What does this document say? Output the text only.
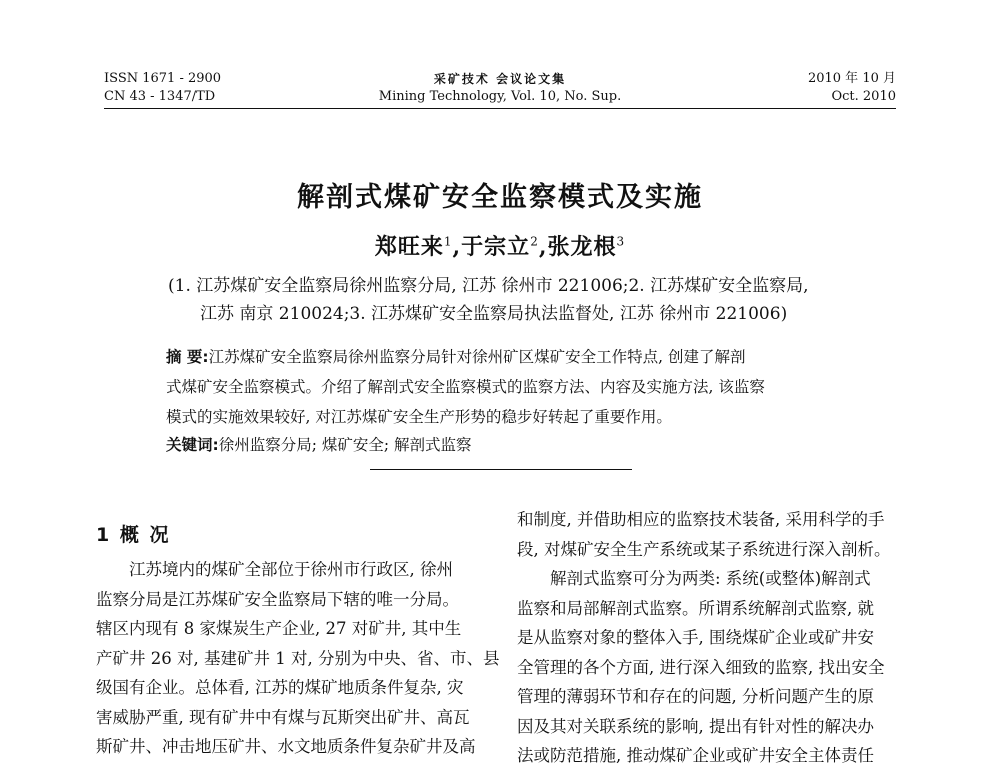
ISSN 1671 - 2900
CN 43 - 1347/TD
采矿技术 会议论文集
Mining Technology, Vol. 10, No. Sup.
2010 年 10 月
Oct. 2010
解剖式煤矿安全监察模式及实施
郑旺来$^1$,于宗立$^2$,张龙根$^3$
(1. 江苏煤矿安全监察局徐州监察分局, 江苏 徐州市 221006;2. 江苏煤矿安全监察局,
江苏 南京 210024;3. 江苏煤矿安全监察局执法监督处, 江苏 徐州市 221006)
摘 要:江苏煤矿安全监察局徐州监察分局针对徐州矿区煤矿安全工作特点, 创建了解剖
式煤矿安全监察模式。介绍了解剖式安全监察模式的监察方法、内容及实施方法, 该监察
模式的实施效果较好, 对江苏煤矿安全生产形势的稳步好转起了重要作用。
关键词:徐州监察分局; 煤矿安全; 解剖式监察
1 概 况
江苏境内的煤矿全部位于徐州市行政区, 徐州
监察分局是江苏煤矿安全监察局下辖的唯一分局。
辖区内现有 8 家煤炭生产企业, 27 对矿井, 其中生
产矿井 26 对, 基建矿井 1 对, 分别为中央、省、市、县
级国有企业。总体看, 江苏的煤矿地质条件复杂, 灾
害威胁严重, 现有矿井中有煤与瓦斯突出矿井、高瓦
斯矿井、冲击地压矿井、水文地质条件复杂矿井及高
和制度, 并借助相应的监察技术装备, 采用科学的手
段, 对煤矿安全生产系统或某子系统进行深入剖析。
解剖式监察可分为两类: 系统(或整体)解剖式
监察和局部解剖式监察。所谓系统解剖式监察, 就
是从监察对象的整体入手, 围绕煤矿企业或矿井安
全管理的各个方面, 进行深入细致的监察, 找出安全
管理的薄弱环节和存在的问题, 分析问题产生的原
因及其对关联系统的影响, 提出有针对性的解决办
法或防范措施, 推动煤矿企业或矿井安全主体责任
